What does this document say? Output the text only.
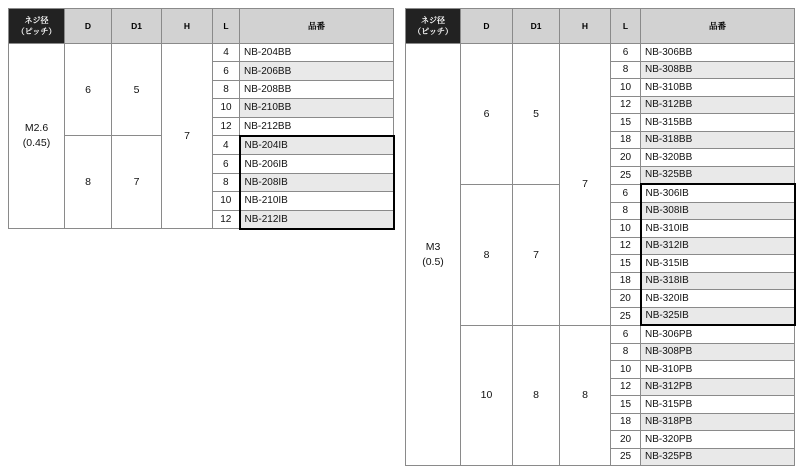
ネジ径
（ピッチ）	D	D1	H	L	品番

M2.6
(0.45)	6	5	7	4	NB-204BB
				6	NB-206BB
				8	NB-208BB
				10	NB-210BB
				12	NB-212BB
	8	7		4	NB-204IB
				6	NB-206IB
				8	NB-208IB
				10	NB-210IB
				12	NB-212IB
ネジ径
（ピッチ）	D	D1	H	L	品番

M3
(0.5)	6	5	7	6	NB-306BB
				8	NB-308BB
				10	NB-310BB
				12	NB-312BB
				15	NB-315BB
				18	NB-318BB
				20	NB-320BB
				25	NB-325BB
	8	7		6	NB-306IB
				8	NB-308IB
				10	NB-310IB
				12	NB-312IB
				15	NB-315IB
				18	NB-318IB
				20	NB-320IB
				25	NB-325IB
	10	8	8	6	NB-306PB
				8	NB-308PB
				10	NB-310PB
				12	NB-312PB
				15	NB-315PB
				18	NB-318PB
				20	NB-320PB
				25	NB-325PB
